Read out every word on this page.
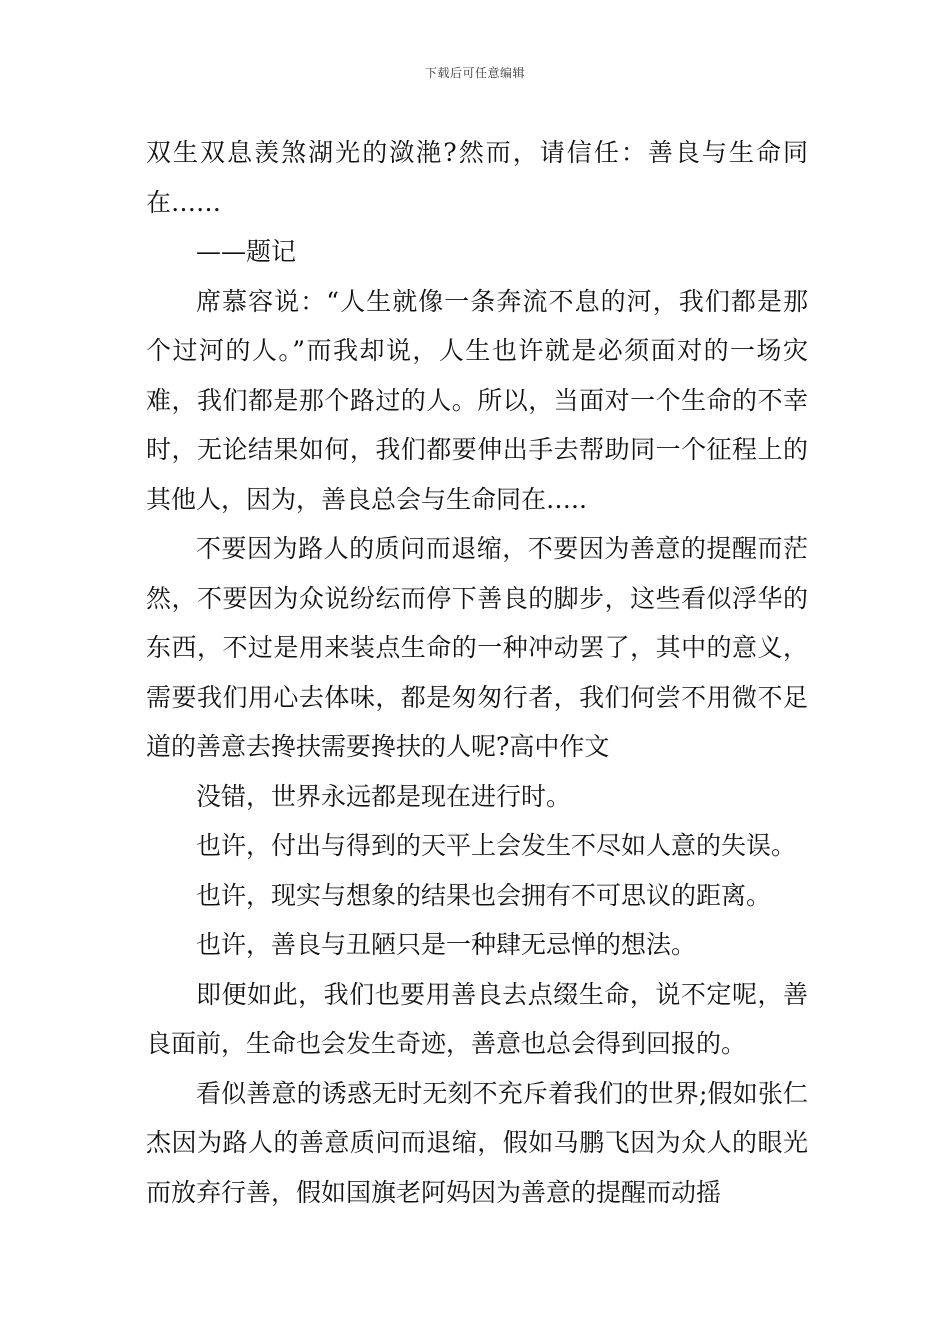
下载后可任意编辑

双生双息羡煞湖光的潋滟?然而，请信任：善良与生命同在……

——题记

席慕容说：“人生就像一条奔流不息的河，我们都是那个过河的人。”而我却说，人生也许就是必须面对的一场灾难，我们都是那个路过的人。所以，当面对一个生命的不幸时，无论结果如何，我们都要伸出手去帮助同一个征程上的其他人，因为，善良总会与生命同在…..

不要因为路人的质问而退缩，不要因为善意的提醒而茫然，不要因为众说纷纭而停下善良的脚步，这些看似浮华的东西，不过是用来装点生命的一种冲动罢了，其中的意义，需要我们用心去体味，都是匆匆行者，我们何尝不用微不足道的善意去搀扶需要搀扶的人呢?高中作文

没错，世界永远都是现在进行时。

也许，付出与得到的天平上会发生不尽如人意的失误。

也许，现实与想象的结果也会拥有不可思议的距离。

也许，善良与丑陋只是一种肆无忌惮的想法。

即便如此，我们也要用善良去点缀生命，说不定呢，善良面前，生命也会发生奇迹，善意也总会得到回报的。

看似善意的诱惑无时无刻不充斥着我们的世界;假如张仁杰因为路人的善意质问而退缩，假如马鹏飞因为众人的眼光而放弃行善，假如国旗老阿妈因为善意的提醒而动摇
